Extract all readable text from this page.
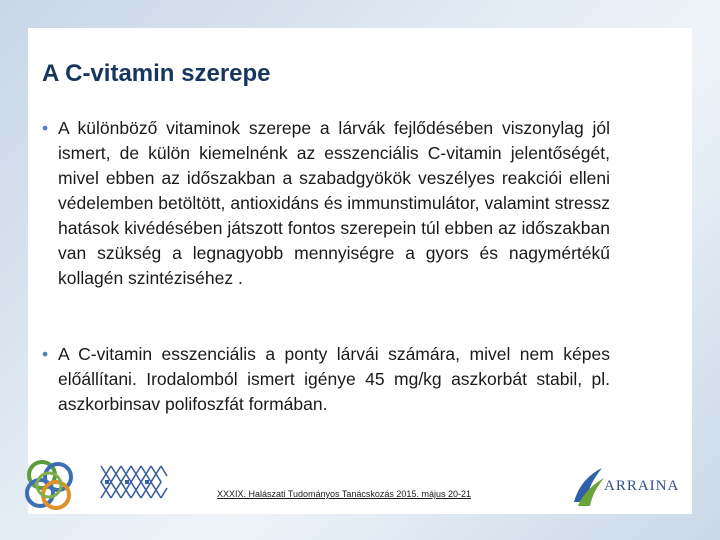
A C-vitamin szerepe
• A különböző vitaminok szerepe a lárvák fejlődésében viszonylag jól ismert, de külön kiemelnénk az esszenciális C-vitamin jelentőségét, mivel ebben az időszakban a szabadgyökök veszélyes reakciói elleni védelemben betöltött, antioxidáns és immunstimulátor, valamint stressz hatások kivédésében játszott fontos szerepein túl ebben az időszakban van szükség a legnagyobb mennyiségre a gyors és nagymértékű kollagén szintéziséhez .
• A C-vitamin esszenciális a ponty lárvái számára, mivel nem képes előállítani. Irodalomból ismert igénye 45 mg/kg aszkorbát stabil, pl. aszkorbinsav polifoszfát formában.
XXXIX. Halászati Tudományos Tanácskozás 2015. május 20-21	ARRAINA
